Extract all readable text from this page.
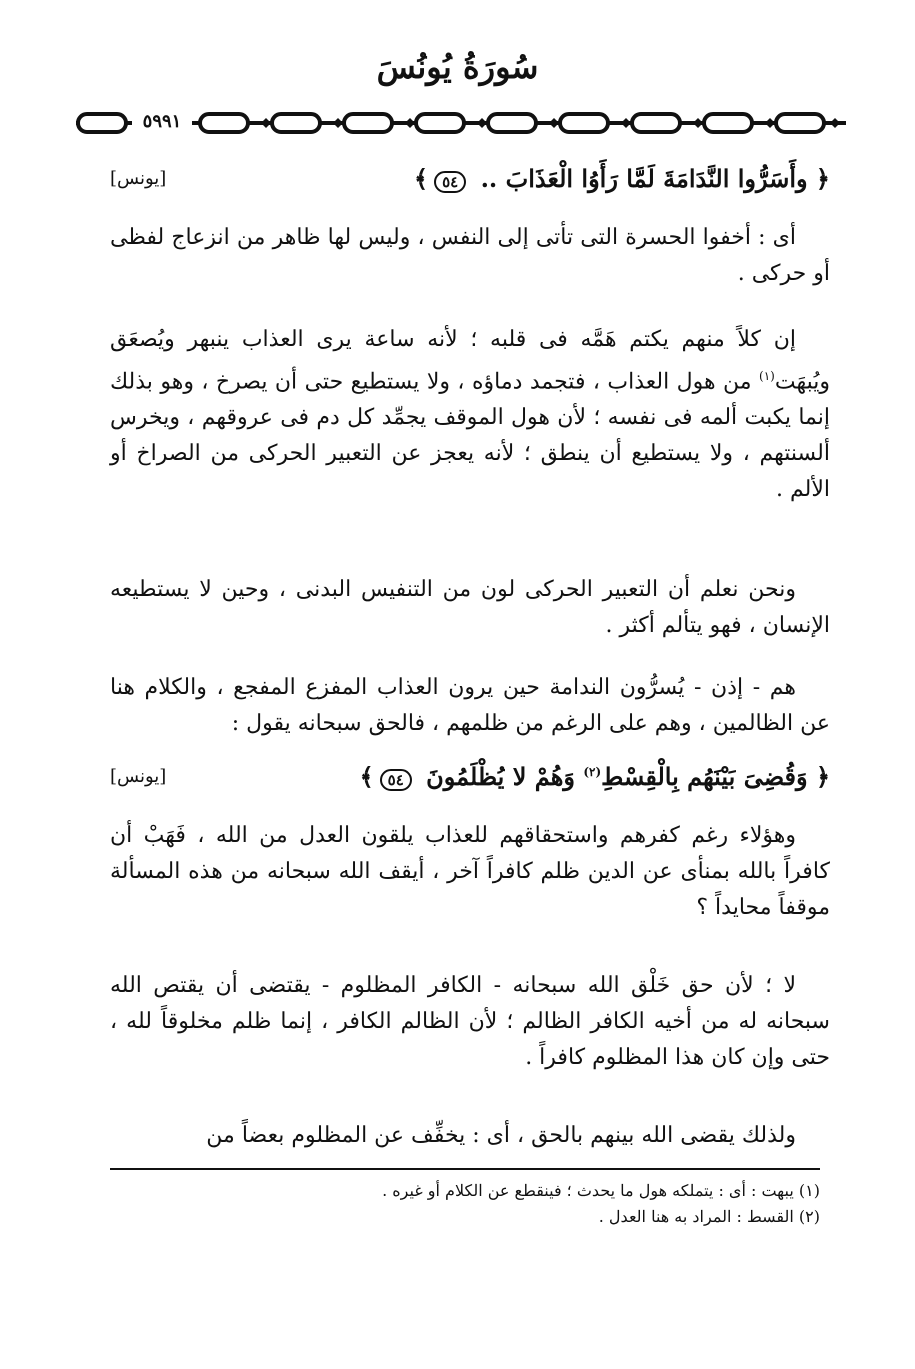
سُورَةُ يُونُسَ
٥٩٩١
﴿ وأَسَرُّوا النَّدَامَةَ لَمَّا رَأَوُا الْعَذَابَ .. ٥٤﴾
[يونس]

أى : أخفوا الحسرة التى تأتى إلى النفس ، وليس لها ظاهر من انزعاج لفظى أو حركى .

إن كلاً منهم يكتم هَمَّه فى قلبه ؛ لأنه ساعة يرى العذاب ينبهر ويُصعَق ويُبهَت$^{(١)}$ من هول العذاب ، فتجمد دماؤه ، ولا يستطيع حتى أن يصرخ ، وهو بذلك إنما يكبت ألمه فى نفسه ؛ لأن هول الموقف يجمِّد كل دم فى عروقهم ، ويخرس ألسنتهم ، ولا يستطيع أن ينطق ؛ لأنه يعجز عن التعبير الحركى من الصراخ أو الألم .

ونحن نعلم أن التعبير الحركى لون من التنفيس البدنى ، وحين لا يستطيعه الإنسان ، فهو يتألم أكثر .

هم - إذن - يُسرُّون الندامة حين يرون العذاب المفزع المفجع ، والكلام هنا عن الظالمين ، وهم على الرغم من ظلمهم ، فالحق سبحانه يقول :

﴿ وَقُضِىَ بَيْنَهُم بِالْقِسْطِ$^{(٢)}$ وَهُمْ لا يُظْلَمُونَ ٥٤﴾
[يونس]

وهؤلاء رغم كفرهم واستحقاقهم للعذاب يلقون العدل من الله ، فَهَبْ أن كافراً بالله بمنأى عن الدين ظلم كافراً آخر ، أيقف الله سبحانه من هذه المسألة موقفاً محايداً ؟

لا ؛ لأن حق خَلْق الله سبحانه - الكافر المظلوم - يقتضى أن يقتص الله سبحانه له من أخيه الكافر الظالم ؛ لأن الظالم الكافر ، إنما ظلم مخلوقاً لله ، حتى وإن كان هذا المظلوم كافراً .

ولذلك يقضى الله بينهم بالحق ، أى : يخفِّف عن المظلوم بعضاً من

(١) يبهت : أى : يتملكه هول ما يحدث ؛ فينقطع عن الكلام أو غيره .
(٢) القسط : المراد به هنا العدل .
